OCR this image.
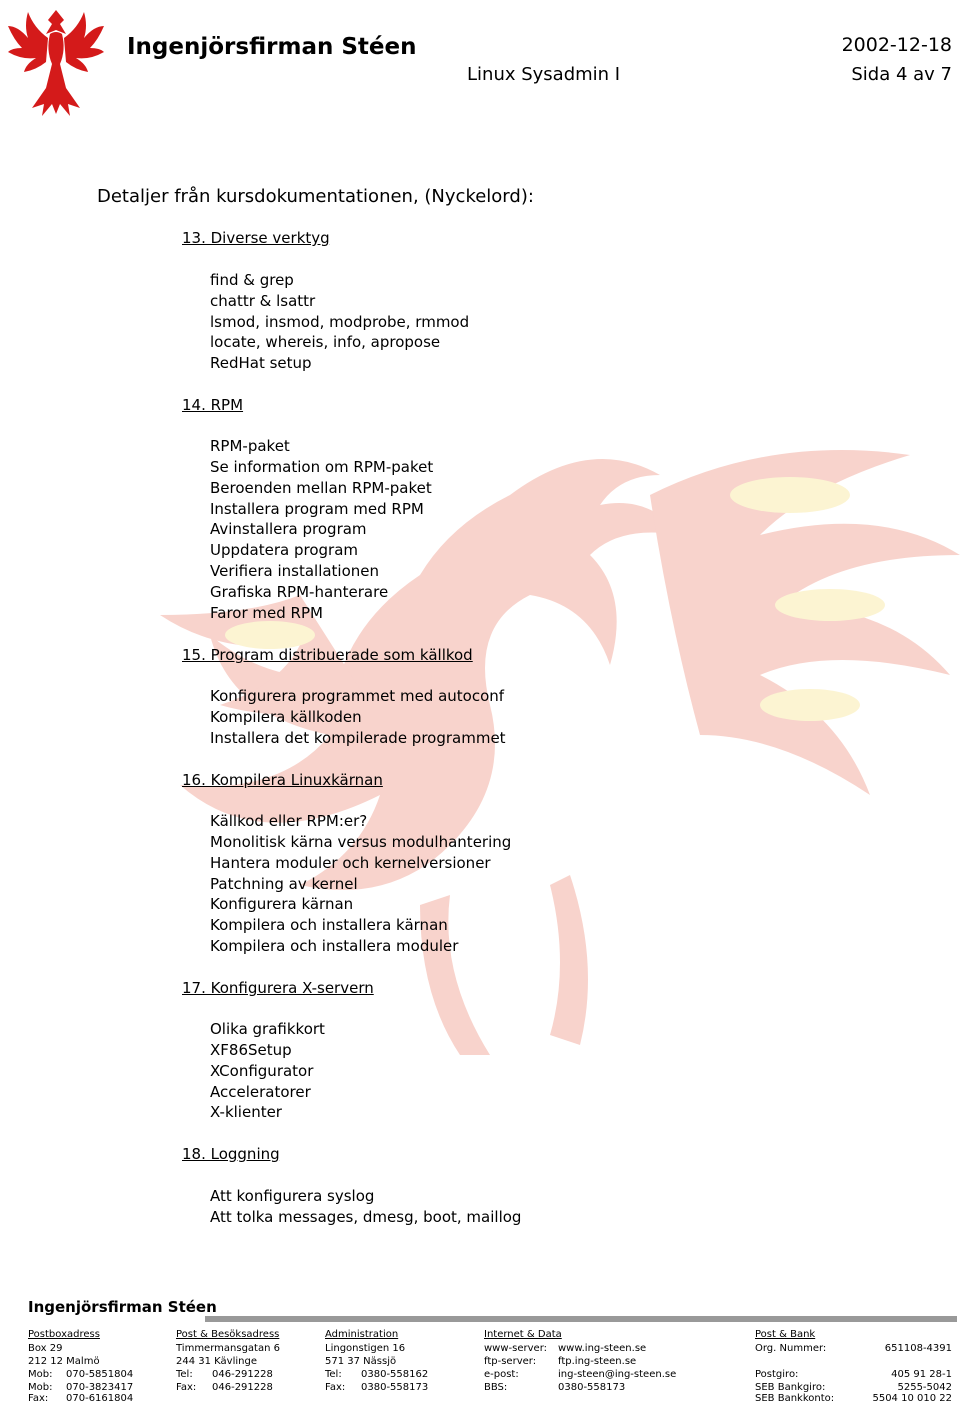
Ingenjörsfirman Stéen	2002-12-18
Linux Sysadmin I	Sida 4 av 7
Detaljer från kursdokumentationen, (Nyckelord):
13. Diverse verktyg
find & grep
chattr & lsattr
lsmod, insmod, modprobe, rmmod
locate, whereis, info, apropose
RedHat setup
14. RPM
RPM-paket
Se information om RPM-paket
Beroenden mellan RPM-paket
Installera program med RPM
Avinstallera program
Uppdatera program
Verifiera installationen
Grafiska RPM-hanterare
Faror med RPM
15. Program distribuerade som källkod
Konfigurera programmet med autoconf
Kompilera källkoden
Installera det kompilerade programmet
16. Kompilera Linuxkärnan
Källkod eller RPM:er?
Monolitisk kärna versus modulhantering
Hantera moduler och kernelversioner
Patchning av kernel
Konfigurera kärnan
Kompilera och installera kärnan
Kompilera och installera moduler
17. Konfigurera X-servern
Olika grafikkort
XF86Setup
XConfigurator
Acceleratorer
X-klienter
18. Loggning
Att konfigurera syslog
Att tolka messages, dmesg, boot, maillog
Ingenjörsfirman Stéen
Postboxadress
Box 29
212 12 Malmö
Mob: 070-5851804
Mob: 070-3823417
Fax: 070-6161804
Post & Besöksadress
Timmermansgatan 6
244 31 Kävlinge
Tel: 046-291228
Fax: 046-291228
Administration
Lingonstigen 16
571 37 Nässjö
Tel: 0380-558162
Fax: 0380-558173
Internet & Data
www-server: www.ing-steen.se
ftp-server: ftp.ing-steen.se
e-post:	ing-steen@ing-steen.se
BBS:	0380-558173
Post & Bank
Org. Nummer:	651108-4391
Postgiro:	405 91 28-1
SEB Bankgiro:	5255-5042
SEB Bankkonto:	5504 10 010 22
